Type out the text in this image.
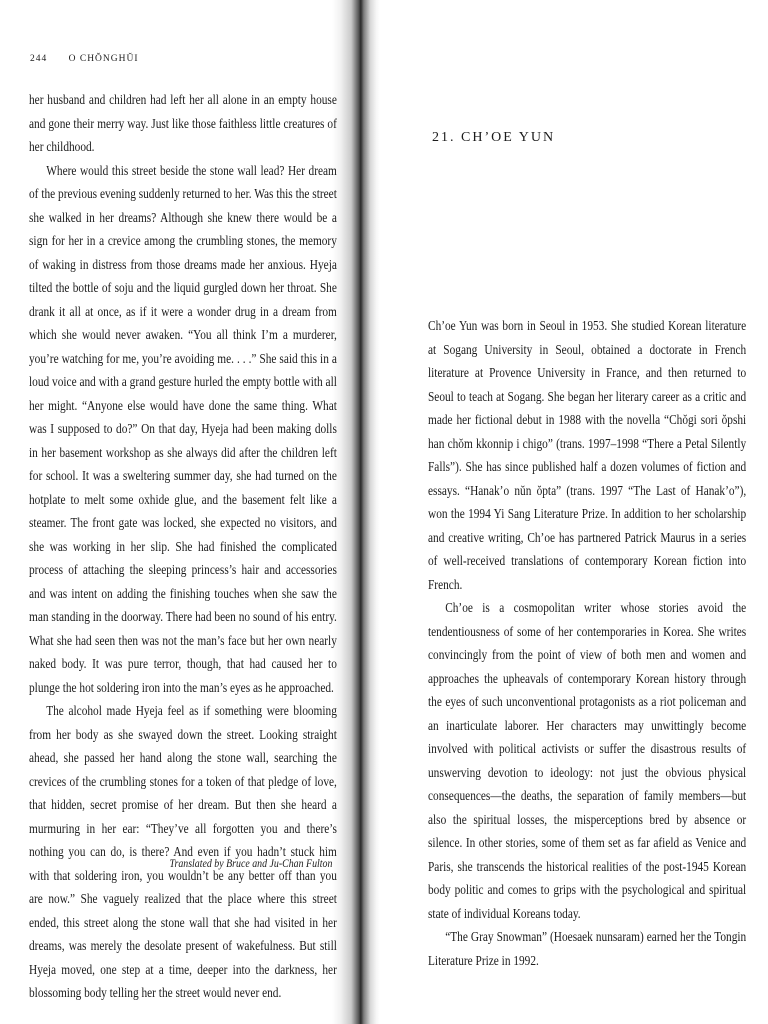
244 O CHŎNGHŬI

her husband and children had left her all alone in an empty house and gone their merry way. Just like those faithless little creatures of her childhood.

Where would this street beside the stone wall lead? Her dream of the previous evening suddenly returned to her. Was this the street she walked in her dreams? Although she knew there would be a sign for her in a crevice among the crumbling stones, the memory of waking in distress from those dreams made her anxious. Hyeja tilted the bottle of soju and the liquid gurgled down her throat. She drank it all at once, as if it were a wonder drug in a dream from which she would never awaken. “You all think I’m a murderer, you’re watching for me, you’re avoiding me. . . .” She said this in a loud voice and with a grand gesture hurled the empty bottle with all her might. “Anyone else would have done the same thing. What was I supposed to do?” On that day, Hyeja had been making dolls in her basement workshop as she always did after the children left for school. It was a sweltering summer day, she had turned on the hotplate to melt some oxhide glue, and the basement felt like a steamer. The front gate was locked, she expected no visitors, and she was working in her slip. She had finished the complicated process of attaching the sleeping princess’s hair and accessories and was intent on adding the finishing touches when she saw the man standing in the doorway. There had been no sound of his entry. What she had seen then was not the man’s face but her own nearly naked body. It was pure terror, though, that had caused her to plunge the hot soldering iron into the man’s eyes as he approached.

The alcohol made Hyeja feel as if something were blooming from her body as she swayed down the street. Looking straight ahead, she passed her hand along the stone wall, searching the crevices of the crumbling stones for a token of that pledge of love, that hidden, secret promise of her dream. But then she heard a murmuring in her ear: “They’ve all forgotten you and there’s nothing you can do, is there? And even if you hadn’t stuck him with that soldering iron, you wouldn’t be any better off than you are now.” She vaguely realized that the place where this street ended, this street along the stone wall that she had visited in her dreams, was merely the desolate present of wakefulness. But still Hyeja moved, one step at a time, deeper into the darkness, her blossoming body telling her the street would never end.

Translated by Bruce and Ju-Chan Fulton
21. CH’OE YUN

Ch’oe Yun was born in Seoul in 1953. She studied Korean literature at Sogang University in Seoul, obtained a doctorate in French literature at Provence University in France, and then returned to Seoul to teach at Sogang. She began her literary career as a critic and made her fictional debut in 1988 with the novella “Chŏgi sori ŏpshi han chŏm kkonnip i chigo” (trans. 1997–1998 “There a Petal Silently Falls”). She has since published half a dozen volumes of fiction and essays. “Hanak’o nŭn ŏpta” (trans. 1997 “The Last of Hanak’o”), won the 1994 Yi Sang Literature Prize. In addition to her scholarship and creative writing, Ch’oe has partnered Patrick Maurus in a series of well-received translations of contemporary Korean fiction into French.

Ch’oe is a cosmopolitan writer whose stories avoid the tendentiousness of some of her contemporaries in Korea. She writes convincingly from the point of view of both men and women and approaches the upheavals of contemporary Korean history through the eyes of such unconventional protagonists as a riot policeman and an inarticulate laborer. Her characters may unwittingly become involved with political activists or suffer the disastrous results of unswerving devotion to ideology: not just the obvious physical consequences—the deaths, the separation of family members—but also the spiritual losses, the misperceptions bred by absence or silence. In other stories, some of them set as far afield as Venice and Paris, she transcends the historical realities of the post-1945 Korean body politic and comes to grips with the psychological and spiritual state of individual Koreans today.

“The Gray Snowman” (Hoesaek nunsaram) earned her the Tongin Literature Prize in 1992.
